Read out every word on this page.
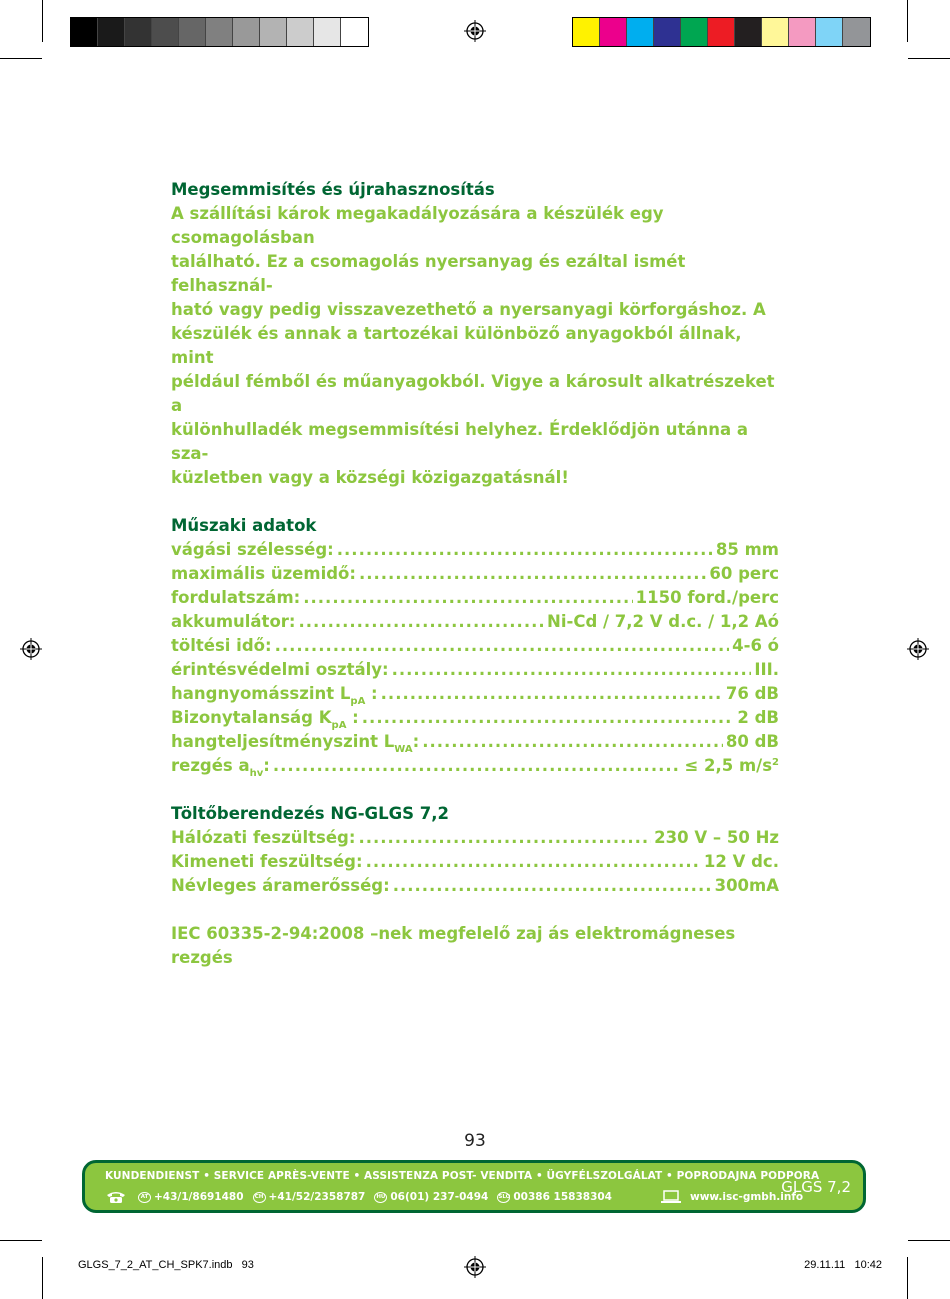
Megsemmisítés és újrahasznosítás

A szállítási károk megakadályozására a készülék egy csomagolásban

található. Ez a csomagolás nyersanyag és ezáltal ismét felhasznál-

ható vagy pedig visszavezethető a nyersanyagi körforgáshoz. A

készülék és annak a tartozékai különböző anyagokból állnak, mint

például fémből és műanyagokból. Vigye a károsult alkatrészeket a

különhulladék megsemmisítési helyhez. Érdeklődjön utánna a sza-

küzletben vagy a községi közigazgatásnál!

Műszaki adatok
vágási szélesség: .....	85 mm
maximális üzemidő: .....	60 perc
fordulatszám: .....	1150 ford./perc
akkumulátor: .....	Ni-Cd / 7,2 V d.c. / 1,2 Aó
töltési idő: .....	4-6 ó
érintésvédelmi osztály: .....	III.
hangnyomásszint $L_{pA}$ : .....	76 dB
Bizonytalanság $K_{pA}$ : .....	2 dB
hangteljesítményszint $L_{WA}$: .....	80 dB
rezgés $a_{hv}$: .....	≤ 2,5 $m/s^2$
Töltőberendezés NG-GLGS 7,2
Hálózati feszültség: .....	230 V – 50 Hz
Kimeneti feszültség: .....	12 V dc.
Névleges áramerősség: .....	300mA

IEC 60335-2-94:2008 –nek megfelelő zaj ás elektromágneses rezgés

93
KUNDENDIENST • SERVICE APRÈS-VENTE • ASSISTENZA POST- VENDITA • ÜGYFÉLSZOLGÁLAT • POPRODAJNA PODPORA
AT +43/1/8691480	CH +41/52/2358787	HU 06(01) 237-0494 SLO 00386 15838304	www.isc-gmbh.info
GLGS 7,2
GLGS_7_2_AT_CH_SPK7.indb   93	29.11.11   10:42
